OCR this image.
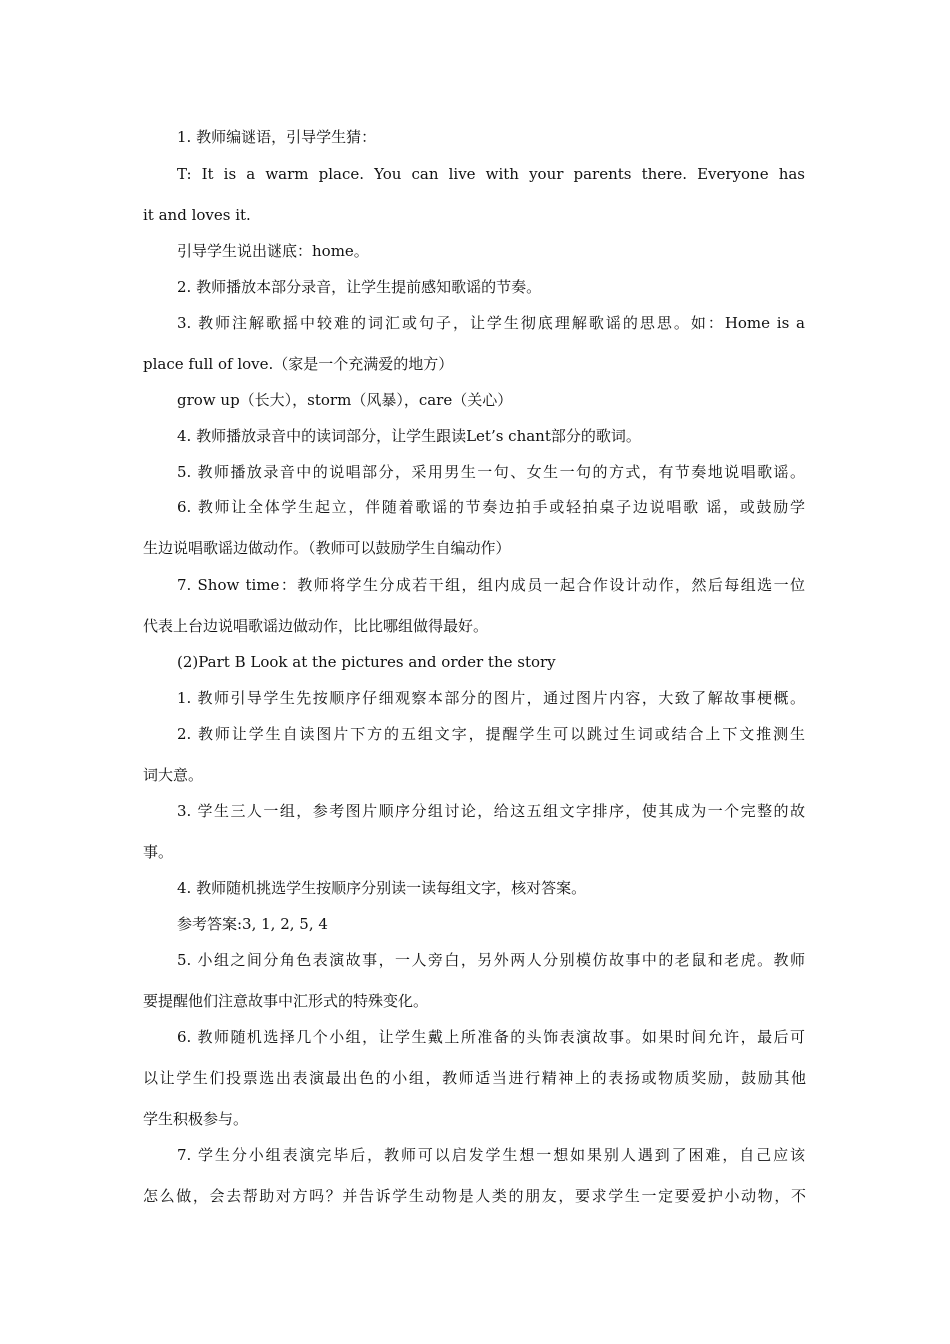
1. 教师编谜语，引导学生猜：
T: It is a warm place. You can live with your parents there. Everyone has
it and loves it.
引导学生说出谜底：home。
2. 教师播放本部分录音，让学生提前感知歌谣的节奏。
3. 教师注解歌摇中较难的词汇或句子，让学生彻底理解歌谣的思思。如：Home is a
place full of love.（家是一个充满爱的地方）
grow up（长大），storm（风暴），care（关心）
4. 教师播放录音中的读词部分，让学生跟读Let’s chant部分的歌词。
5. 教师播放录音中的说唱部分，采用男生一句、女生一句的方式，有节奏地说唱歌谣。
6. 教师让全体学生起立，伴随着歌谣的节奏边拍手或轻拍桌子边说唱歌 谣，或鼓励学
生边说唱歌谣边做动作。（教师可以鼓励学生自编动作）
7. Show time：教师将学生分成若干组，组内成员一起合作设计动作，然后每组选一位
代表上台边说唱歌谣边做动作，比比哪组做得最好。
(2)Part B Look at the pictures and order the story
1. 教师引导学生先按顺序仔细观察本部分的图片，通过图片内容，大致了解故事梗概。
2. 教师让学生自读图片下方的五组文字，提醒学生可以跳过生词或结合上下文推测生
词大意。
3. 学生三人一组，参考图片顺序分组讨论，给这五组文字排序，使其成为一个完整的故
事。
4. 教师随机挑选学生按顺序分别读一读每组文字，核对答案。
参考答案:3, 1, 2, 5, 4
5. 小组之间分角色表演故事，一人旁白，另外两人分别模仿故事中的老鼠和老虎。教师
要提醒他们注意故事中汇形式的特殊变化。
6. 教师随机选择几个小组，让学生戴上所准备的头饰表演故事。如果时间允许，最后可
以让学生们投票选出表演最出色的小组，教师适当进行精神上的表扬或物质奖励，鼓励其他
学生积极参与。
7. 学生分小组表演完毕后，教师可以启发学生想一想如果别人遇到了困难，自己应该
怎么做，会去帮助对方吗？并告诉学生动物是人类的朋友，要求学生一定要爱护小动物，不
